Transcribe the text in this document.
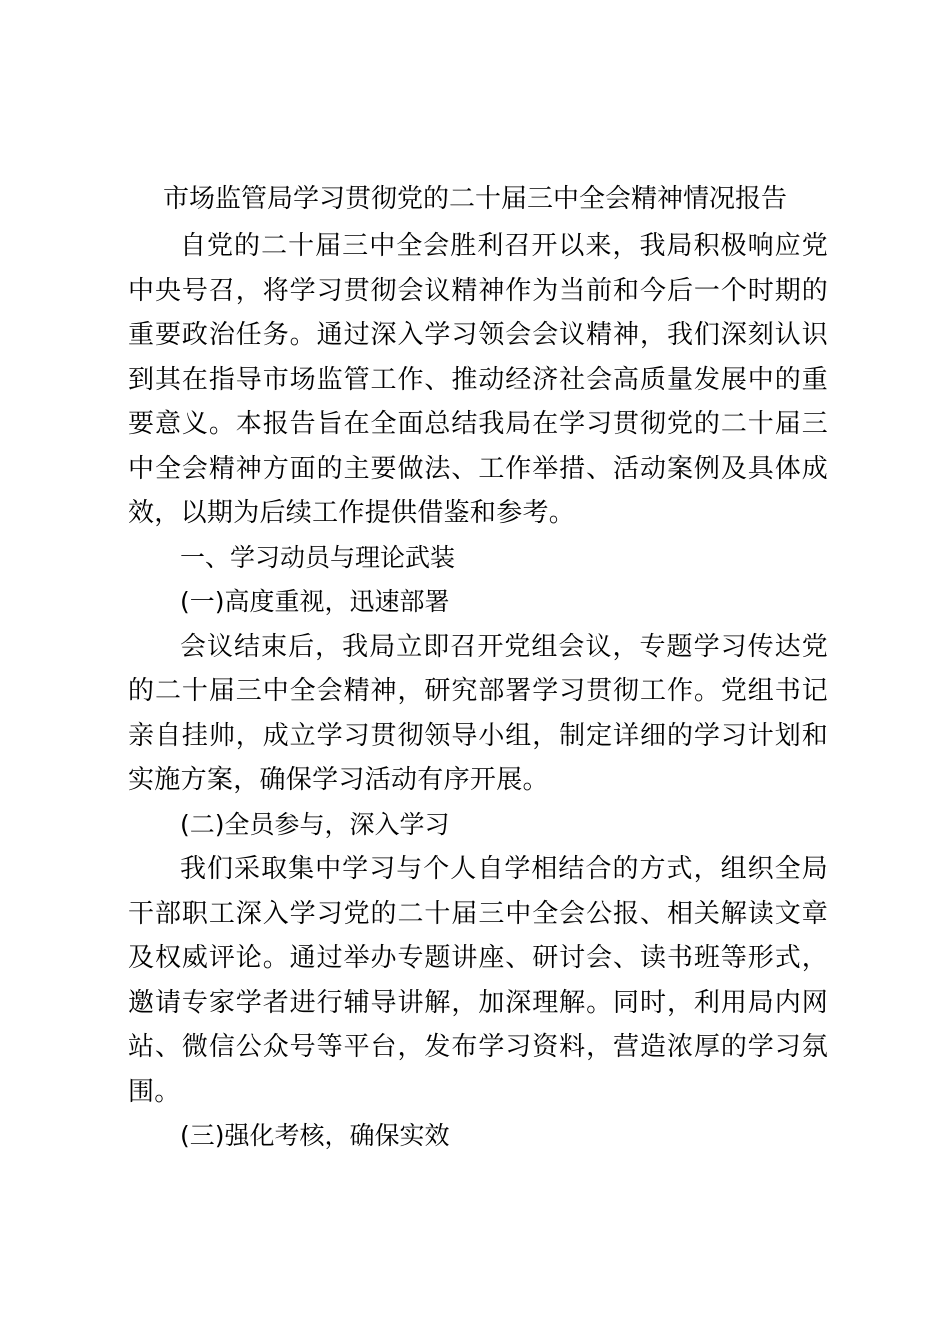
市场监管局学习贯彻党的二十届三中全会精神情况报告

自党的二十届三中全会胜利召开以来，我局积极响应党中央号召，将学习贯彻会议精神作为当前和今后一个时期的重要政治任务。通过深入学习领会会议精神，我们深刻认识到其在指导市场监管工作、推动经济社会高质量发展中的重要意义。本报告旨在全面总结我局在学习贯彻党的二十届三中全会精神方面的主要做法、工作举措、活动案例及具体成效，以期为后续工作提供借鉴和参考。

一、学习动员与理论武装

(一)高度重视，迅速部署

会议结束后，我局立即召开党组会议，专题学习传达党的二十届三中全会精神，研究部署学习贯彻工作。党组书记亲自挂帅，成立学习贯彻领导小组，制定详细的学习计划和实施方案，确保学习活动有序开展。

(二)全员参与，深入学习

我们采取集中学习与个人自学相结合的方式，组织全局干部职工深入学习党的二十届三中全会公报、相关解读文章及权威评论。通过举办专题讲座、研讨会、读书班等形式，邀请专家学者进行辅导讲解，加深理解。同时，利用局内网站、微信公众号等平台，发布学习资料，营造浓厚的学习氛围。

(三)强化考核，确保实效
